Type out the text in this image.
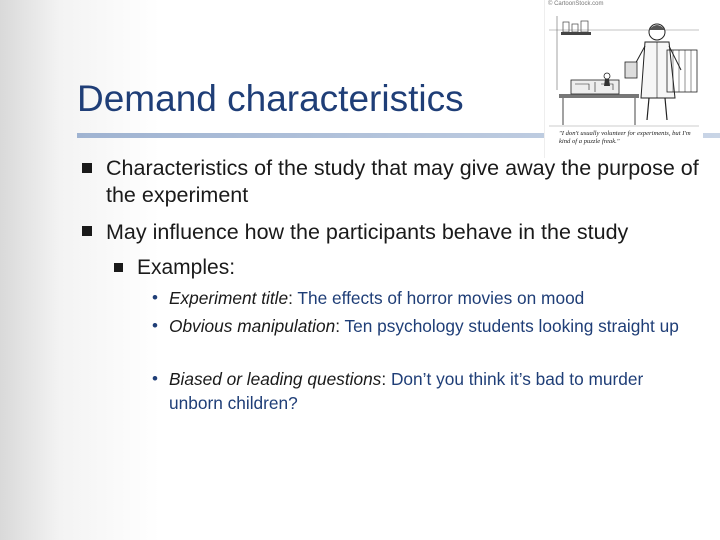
Demand characteristics
© CartoonStock.com
"I don't usually volunteer for experiments, but I'm kind of a puzzle freak."
Characteristics of the study that may give away the purpose of the experiment
May influence how the participants behave in the study
Examples:
• Experiment title: The effects of horror movies on mood
• Obvious manipulation: Ten psychology students looking straight up
• Biased or leading questions: Don’t you think it’s bad to murder unborn children?
